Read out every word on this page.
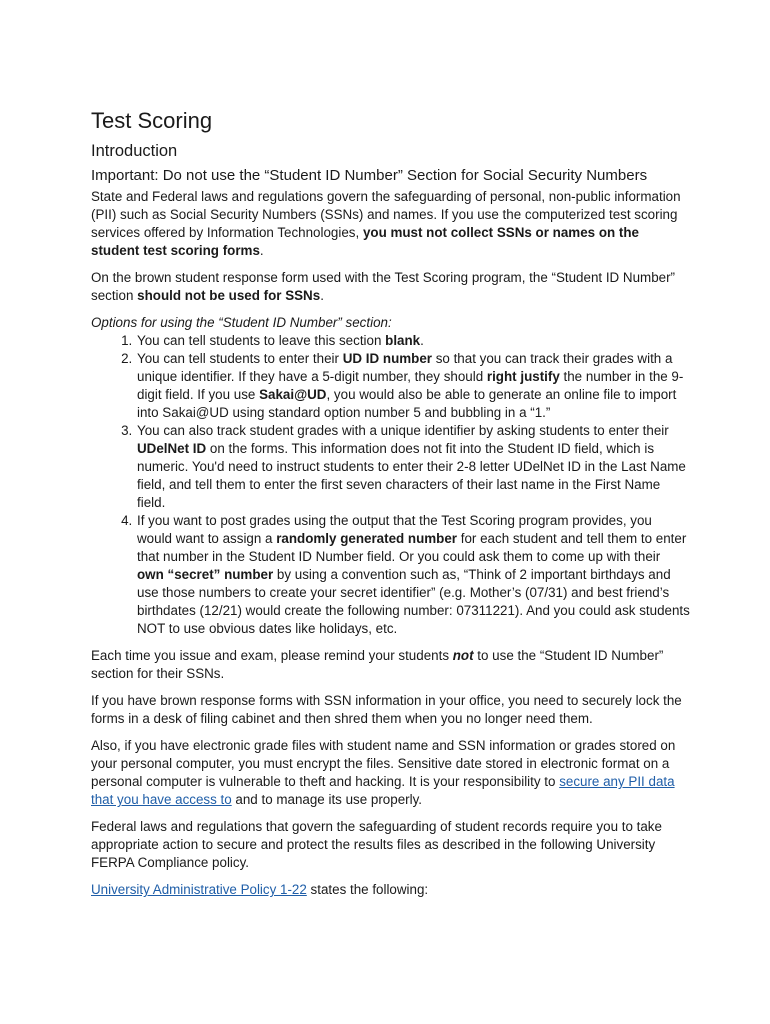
Test Scoring
Introduction
Important: Do not use the “Student ID Number” Section for Social Security Numbers

State and Federal laws and regulations govern the safeguarding of personal, non-public information (PII) such as Social Security Numbers (SSNs) and names. If you use the computerized test scoring services offered by Information Technologies, you must not collect SSNs or names on the student test scoring forms.

On the brown student response form used with the Test Scoring program, the “Student ID Number” section should not be used for SSNs.

Options for using the “Student ID Number” section:

1. You can tell students to leave this section blank.
2. You can tell students to enter their UD ID number so that you can track their grades with a unique identifier. If they have a 5-digit number, they should right justify the number in the 9-digit field. If you use Sakai@UD, you would also be able to generate an online file to import into Sakai@UD using standard option number 5 and bubbling in a “1.”
3. You can also track student grades with a unique identifier by asking students to enter their UDelNet ID on the forms. This information does not fit into the Student ID field, which is numeric. You'd need to instruct students to enter their 2-8 letter UDelNet ID in the Last Name field, and tell them to enter the first seven characters of their last name in the First Name field.
4. If you want to post grades using the output that the Test Scoring program provides, you would want to assign a randomly generated number for each student and tell them to enter that number in the Student ID Number field. Or you could ask them to come up with their own “secret” number by using a convention such as, “Think of 2 important birthdays and use those numbers to create your secret identifier” (e.g. Mother’s (07/31) and best friend’s birthdates (12/21) would create the following number: 07311221). And you could ask students NOT to use obvious dates like holidays, etc.

Each time you issue and exam, please remind your students not to use the “Student ID Number” section for their SSNs.

If you have brown response forms with SSN information in your office, you need to securely lock the forms in a desk of filing cabinet and then shred them when you no longer need them.

Also, if you have electronic grade files with student name and SSN information or grades stored on your personal computer, you must encrypt the files. Sensitive date stored in electronic format on a personal computer is vulnerable to theft and hacking. It is your responsibility to secure any PII data that you have access to and to manage its use properly.

Federal laws and regulations that govern the safeguarding of student records require you to take appropriate action to secure and protect the results files as described in the following University FERPA Compliance policy.

University Administrative Policy 1-22 states the following:
